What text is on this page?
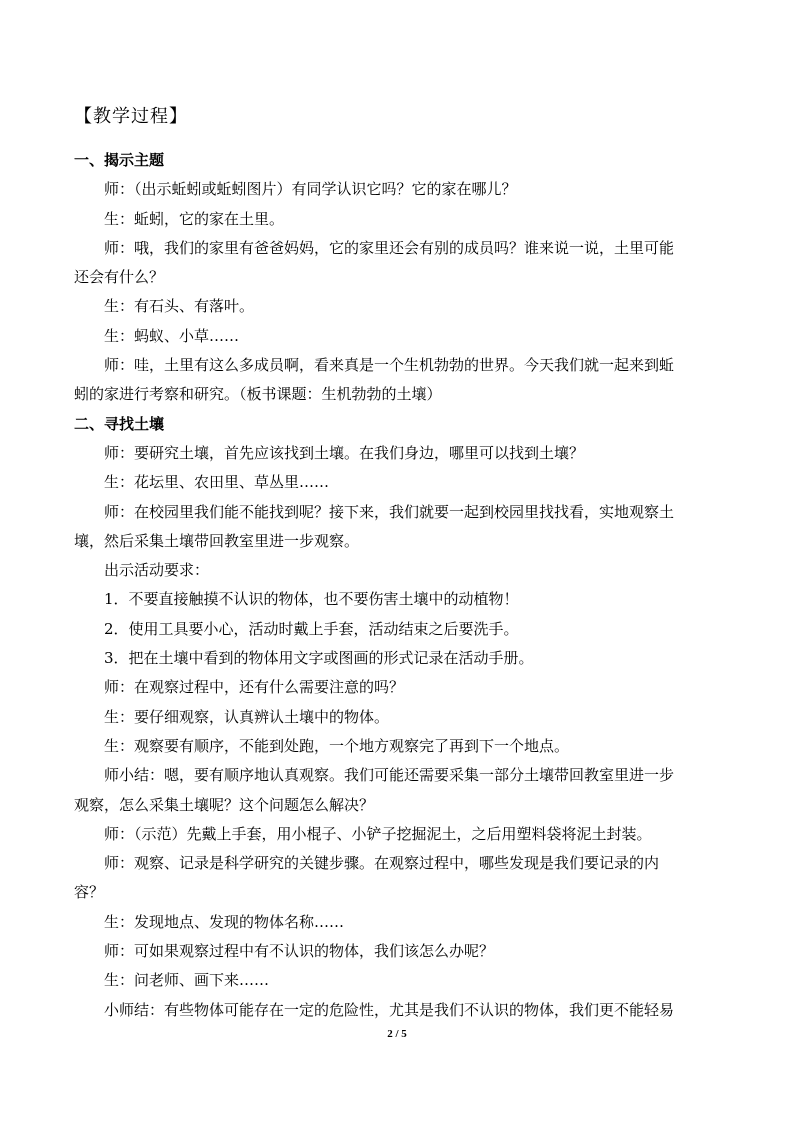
【教学过程】
一、揭示主题
师：（出示蚯蚓或蚯蚓图片）有同学认识它吗？它的家在哪儿？
生：蚯蚓，它的家在土里。
师：哦，我们的家里有爸爸妈妈，它的家里还会有别的成员吗？谁来说一说，土里可能
还会有什么？
生：有石头、有落叶。
生：蚂蚁、小草……
师：哇，土里有这么多成员啊，看来真是一个生机勃勃的世界。今天我们就一起来到蚯
蚓的家进行考察和研究。（板书课题：生机勃勃的土壤）
二、寻找土壤
师：要研究土壤，首先应该找到土壤。在我们身边，哪里可以找到土壤？
生：花坛里、农田里、草丛里……
师：在校园里我们能不能找到呢？接下来，我们就要一起到校园里找找看，实地观察土
壤，然后采集土壤带回教室里进一步观察。
出示活动要求：
1．不要直接触摸不认识的物体，也不要伤害土壤中的动植物！
2．使用工具要小心，活动时戴上手套，活动结束之后要洗手。
3．把在土壤中看到的物体用文字或图画的形式记录在活动手册。
师：在观察过程中，还有什么需要注意的吗？
生：要仔细观察，认真辨认土壤中的物体。
生：观察要有顺序，不能到处跑，一个地方观察完了再到下一个地点。
师小结：嗯，要有顺序地认真观察。我们可能还需要采集一部分土壤带回教室里进一步
观察，怎么采集土壤呢？这个问题怎么解决？
师：（示范）先戴上手套，用小棍子、小铲子挖掘泥土，之后用塑料袋将泥土封装。
师：观察、记录是科学研究的关键步骤。在观察过程中，哪些发现是我们要记录的内
容？
生：发现地点、发现的物体名称……
师：可如果观察过程中有不认识的物体，我们该怎么办呢？
生：问老师、画下来……
小师结：有些物体可能存在一定的危险性，尤其是我们不认识的物体，我们更不能轻易
2 / 5
